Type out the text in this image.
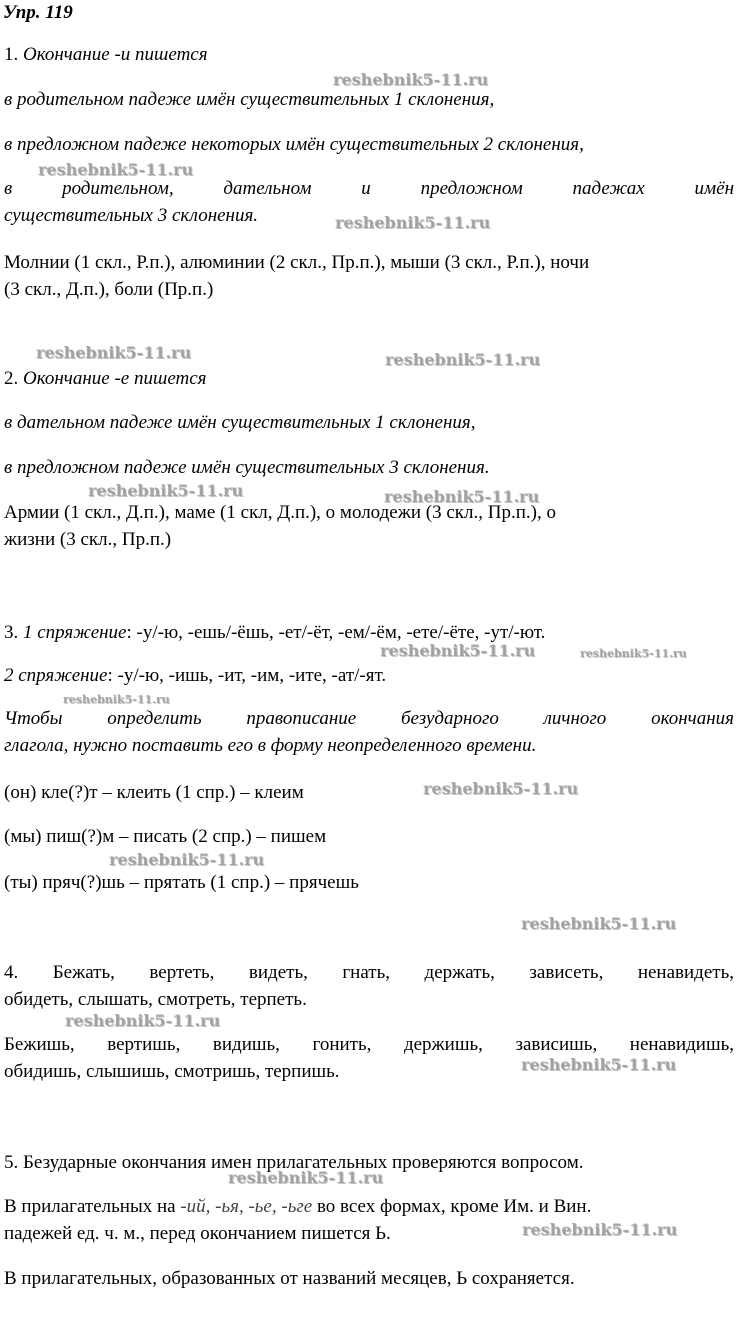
Упр. 119
1. Окончание -и пишется
в родительном падеже имён существительных 1 склонения,
в предложном падеже некоторых имён существительных 2 склонения,
в родительном, дательном и предложном падежах имён
существительных 3 склонения.
Молнии (1 скл., Р.п.), алюминии (2 скл., Пр.п.), мыши (3 скл., Р.п.), ночи
(3 скл., Д.п.), боли (Пр.п.)
2. Окончание -е пишется
в дательном падеже имён существительных 1 склонения,
в предложном падеже имён существительных 3 склонения.
Армии (1 скл., Д.п.), маме (1 скл, Д.п.), о молодежи (3 скл., Пр.п.), о
жизни (3 скл., Пр.п.)
3. 1 спряжение: -у/-ю, -ешь/-ёшь, -ет/-ёт, -ем/-ём, -ете/-ёте, -ут/-ют.
2 спряжение: -у/-ю, -ишь, -ит, -им, -ите, -ат/-ят.
Чтобы определить правописание безударного личного окончания
глагола, нужно поставить его в форму неопределенного времени.
(он) кле(?)т – клеить (1 спр.) – клеим
(мы) пиш(?)м – писать (2 спр.) – пишем
(ты) пряч(?)шь – прятать (1 спр.) – прячешь
4. Бежать, вертеть, видеть, гнать, держать, зависеть, ненавидеть,
обидеть, слышать, смотреть, терпеть.
Бежишь, вертишь, видишь, гонить, держишь, зависишь, ненавидишь,
обидишь, слышишь, смотришь, терпишь.
5. Безударные окончания имен прилагательных проверяются вопросом.
В прилагательных на -ий, -ья, -ье, -ьге во всех формах, кроме Им. и Вин.
падежей ед. ч. м., перед окончанием пишется Ь.
В прилагательных, образованных от названий месяцев, Ь сохраняется.
reshebnik5-11.ru
reshebnik5-11.ru
reshebnik5-11.ru
reshebnik5-11.ru	reshebnik5-11.ru
reshebnik5-11.ru	reshebnik5-11.ru
reshebnik5-11.ru	reshebnik5-11.ru
reshebnik5-11.ru
reshebnik5-11.ru
reshebnik5-11.ru
reshebnik5-11.ru
reshebnik5-11.ru
reshebnik5-11.ru
reshebnik5-11.ru
reshebnik5-11.ru
